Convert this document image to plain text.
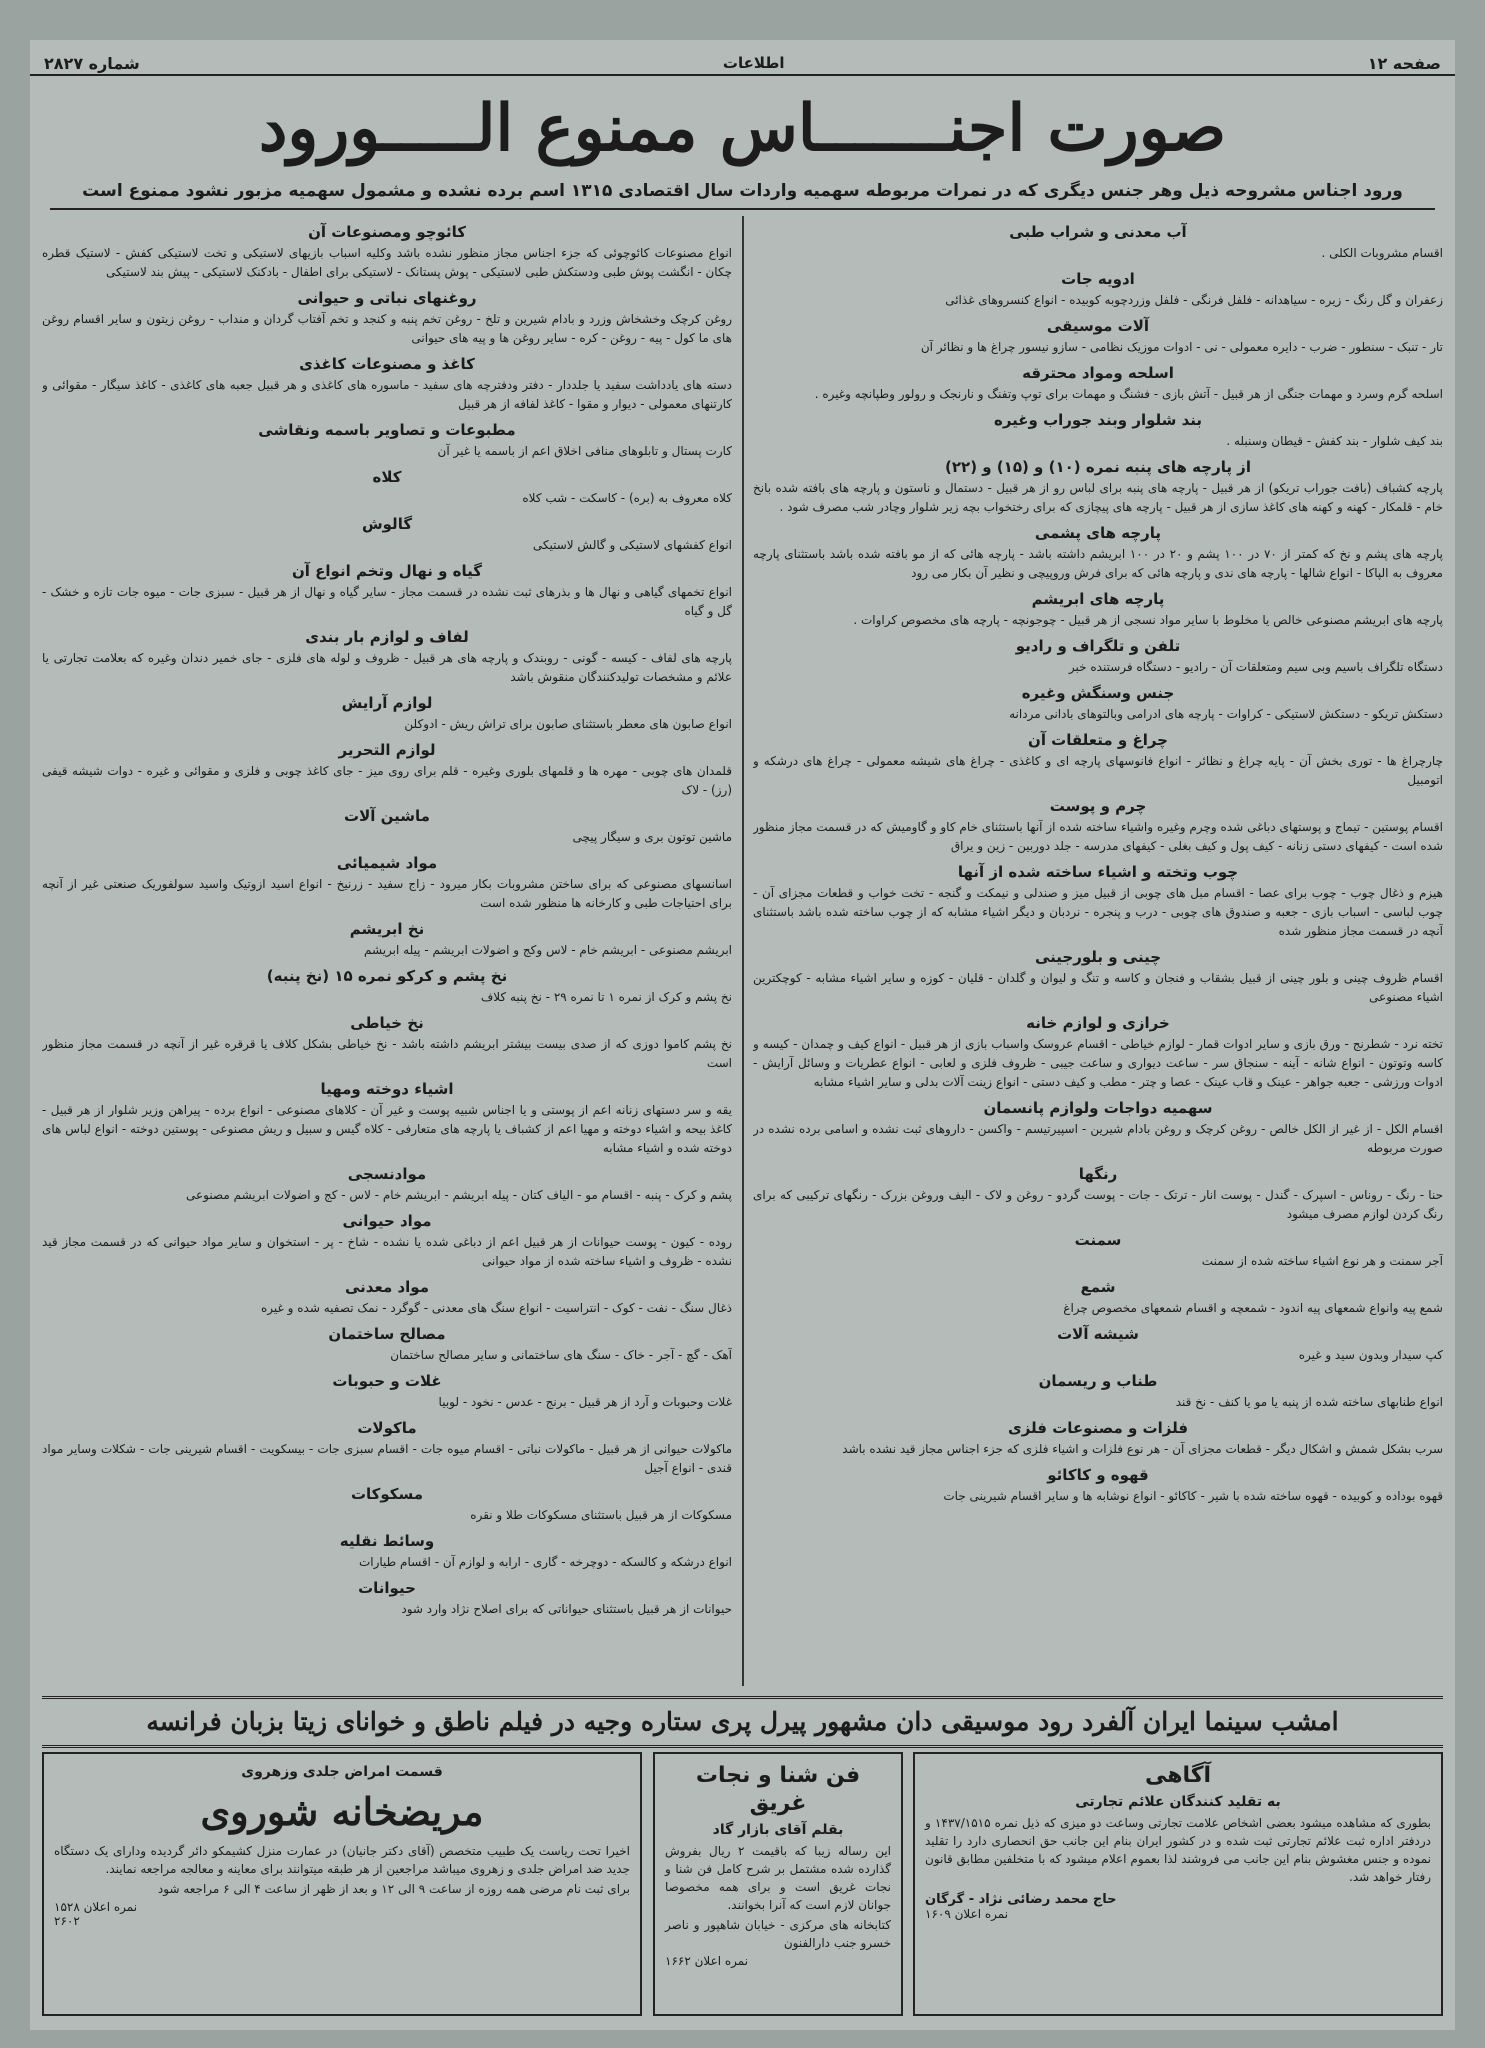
صفحه ۱۲
اطلاعات
شماره ۲۸۲۷
صورت اجنـــــــاس ممنوع الـــــورود
ورود اجناس مشروحه ذیل وهر جنس دیگری که در نمرات مربوطه سهمیه واردات سال اقتصادی ۱۳۱۵ اسم برده نشده و مشمول سهمیه مزبور نشود ممنوع است
آب معدنی و شراب طبی

اقسام مشروبات الکلی .

ادویه جات

زعفران و گل رنگ - زیره - سیاهدانه - فلفل فرنگی - فلفل وزردچوبه کوبیده - انواع کنسروهای غذائی

آلات موسیقی

تار - تنبک - سنطور - ضرب - دایره معمولی - نی - ادوات موزیک نظامی - سازو نیسور چراغ ها و نظائر آن

اسلحه ومواد محترقه

اسلحه گرم وسرد و مهمات جنگی از هر قبیل - آتش بازی - فشنگ و مهمات برای توپ وتفنگ و نارنجک و رولور وطپانچه وغیره .

بند شلوار وبند جوراب وغیره

بند کیف شلوار - بند کفش - قیطان وسنبله .

از پارچه های پنبه نمره (۱۰) و (۱۵) و (۲۲)

پارچه کشباف (بافت جوراب تریکو) از هر قبیل - پارچه های پنبه برای لباس رو از هر قبیل - دستمال و ناستون و پارچه های بافته شده بانخ خام - قلمکار - کهنه و کهنه های کاغذ سازی از هر قبیل - پارچه های پیچازی که برای رختخواب بچه زیر شلوار وچادر شب مصرف شود .

پارچه های پشمی

پارچه های پشم و نخ که کمتر از ۷۰ در ۱۰۰ پشم و ۲۰ در ۱۰۰ ابریشم داشته باشد - پارچه هائی که از مو بافته شده باشد باستثنای پارچه معروف به الپاکا - انواع شالها - پارچه های ندی و پارچه هائی که برای فرش وروپیچی و نظیر آن بکار می رود

پارچه های ابریشم

پارچه های ابریشم مصنوعی خالص یا مخلوط با سایر مواد نسجی از هر قبیل - چوجونچه - پارچه های مخصوص کراوات .

تلفن و تلگراف و رادیو

دستگاه تلگراف باسیم وبی سیم ومتعلقات آن - رادیو - دستگاه فرستنده خبر

جنس وسنگش وغیره

دستکش تریکو - دستکش لاستیکی - کراوات - پارچه های ادرامی وبالتوهای بادانی مردانه

چراغ و متعلقات آن

چارچراغ ها - توری بخش آن - پایه چراغ و نظائر - انواع فانوسهای پارچه ای و کاغذی - چراغ های شیشه معمولی - چراغ های درشکه و اتومبیل

چرم و پوست

اقسام پوستین - تیماج و پوستهای دباغی شده وچرم وغیره واشیاء ساخته شده از آنها باستثنای خام کاو و گاومیش که در قسمت مجاز منظور شده است - کیفهای دستی زنانه - کیف پول و کیف بغلی - کیفهای مدرسه - جلد دوربین - زین و یراق

چوب وتخته و اشیاء ساخته شده از آنها

هیزم و ذغال چوب - چوب برای عصا - اقسام مبل های چوبی از قبیل میز و صندلی و نیمکت و گنجه - تخت خواب و قطعات مجزای آن - چوب لباسی - اسباب بازی - جعبه و صندوق های چوبی - درب و پنجره - نردبان و دیگر اشیاء مشابه که از چوب ساخته شده باشد باستثنای آنچه در قسمت مجاز منظور شده

چینی و بلورجینی

اقسام ظروف چینی و بلور چینی از قبیل بشقاب و فنجان و کاسه و تنگ و لیوان و گلدان - قلیان - کوزه و سایر اشیاء مشابه - کوچکترین اشیاء مصنوعی

خرازی و لوازم خانه

تخته نرد - شطرنج - ورق بازی و سایر ادوات قمار - لوازم خیاطی - اقسام عروسک واسباب بازی از هر قبیل - انواع کیف و چمدان - کیسه و کاسه وتوتون - انواع شانه - آینه - سنجاق سر - ساعت دیواری و ساعت جیبی - ظروف فلزی و لعابی - انواع عطریات و وسائل آرایش - ادوات ورزشی - جعبه جواهر - عینک و قاب عینک - عصا و چتر - مطب و کیف دستی - انواع زینت آلات بدلی و سایر اشیاء مشابه

سهمیه دواجات ولوازم پانسمان

اقسام الکل - از غیر از الکل خالص - روغن کرچک و روغن بادام شیرین - اسپیرتیسم - واکسن - داروهای ثبت نشده و اسامی برده نشده در صورت مربوطه

رنگها

حنا - رنگ - روناس - اسپرک - گندل - پوست انار - ترتک - جات - پوست گردو - روغن و لاک - الیف وروغن بزرک - رنگهای ترکیبی که برای رنگ کردن لوازم مصرف میشود

سمنت

آجر سمنت و هر نوع اشیاء ساخته شده از سمنت

شمع

شمع پیه وانواع شمعهای پیه اندود - شمعچه و اقسام شمعهای مخصوص چراغ

شیشه آلات

کپ سیدار وبدون سید و غیره

طناب و ریسمان

انواع طنابهای ساخته شده از پنبه یا مو یا کنف - نخ قند

فلزات و مصنوعات فلزی

سرب بشکل شمش و اشکال دیگر - قطعات مجزای آن - هر نوع فلزات و اشیاء فلزی که جزء اجناس مجاز قید نشده باشد

قهوه و کاکائو

قهوه بوداده و کوبیده - قهوه ساخته شده با شیر - کاکائو - انواع نوشابه ها و سایر اقسام شیرینی جات

کائوچو ومصنوعات آن

انواع مصنوعات کائوچوئی که جزء اجناس مجاز منظور نشده باشد وکلیه اسباب بازیهای لاستیکی و تخت لاستیکی کفش - لاستیک قطره چکان - انگشت پوش طبی ودستکش طبی لاستیکی - پوش پستانک - لاستیکی برای اطفال - بادکنک لاستیکی - پیش بند لاستیکی

روغنهای نباتی و حیوانی

روغن کرچک وخشخاش وزرد و بادام شیرین و تلخ - روغن تخم پنبه و کنجد و تخم آفتاب گردان و منداب - روغن زیتون و سایر اقسام روغن های ما کول - پیه - روغن - کره - سایر روغن ها و پیه های حیوانی

کاغذ و مصنوعات کاغذی

دسته های یادداشت سفید یا جلددار - دفتر ودفترچه های سفید - ماسوره های کاغذی و هر قبیل جعبه های کاغذی - کاغذ سیگار - مقوائی و کارتنهای معمولی - دیوار و مقوا - کاغذ لفافه از هر قبیل

مطبوعات و تصاویر باسمه ونقاشی

کارت پستال و تابلوهای منافی اخلاق اعم از باسمه یا غیر آن

کلاه

کلاه معروف به (بره) - کاسکت - شب کلاه

گالوش

انواع کفشهای لاستیکی و گالش لاستیکی

گیاه و نهال وتخم انواع آن

انواع تخمهای گیاهی و نهال ها و بذرهای ثبت نشده در قسمت مجاز - سایر گیاه و نهال از هر قبیل - سبزی جات - میوه جات تازه و خشک - گل و گیاه

لفاف و لوازم بار بندی

پارچه های لفاف - کیسه - گونی - روبندک و پارچه های هر قبیل - ظروف و لوله های فلزی - جای خمیر دندان وغیره که بعلامت تجارتی یا علائم و مشخصات تولیدکنندگان منقوش باشد

لوازم آرایش

انواع صابون های معطر باستثنای صابون برای تراش ریش - ادوکلن

لوازم التحریر

قلمدان های چوبی - مهره ها و قلمهای بلوری وغیره - قلم برای روی میز - جای کاغذ چوبی و فلزی و مقوائی و غیره - دوات شیشه قیفی (رز) - لاک

ماشین آلات

ماشین توتون بری و سیگار پیچی

مواد شیمیائی

اسانسهای مصنوعی که برای ساختن مشروبات بکار میرود - زاج سفید - زرنیخ - انواع اسید ازوتیک واسید سولفوریک صنعتی غیر از آنچه برای احتیاجات طبی و کارخانه ها منظور شده است

نخ ابریشم

ابریشم مصنوعی - ابریشم خام - لاس وکج و اضولات ابریشم - پیله ابریشم

نخ پشم و کرکو نمره ۱۵ (نخ پنبه)

نخ پشم و کرک از نمره ۱ تا نمره ۲۹ - نخ پنبه کلاف

نخ خیاطی

نخ پشم کاموا دوزی که از صدی بیست بیشتر ابریشم داشته باشد - نخ خیاطی بشکل کلاف یا قرقره غیر از آنچه در قسمت مجاز منظور است

اشیاء دوخته ومهیا

یقه و سر دستهای زنانه اعم از پوستی و یا اجناس شبیه پوست و غیر آن - کلاهای مصنوعی - انواع برده - پیراهن وزیر شلوار از هر قبیل - کاغذ بیحه و اشیاء دوخته و مهیا اعم از کشباف یا پارچه های متعارفی - کلاه گیس و سبیل و ریش مصنوعی - پوستین دوخته - انواع لباس های دوخته شده و اشیاء مشابه

موادنسجی

پشم و کرک - پنبه - اقسام مو - الیاف کتان - پیله ابریشم - ابریشم خام - لاس - کج و اضولات ابریشم مصنوعی

مواد حیوانی

روده - کیون - پوست حیوانات از هر قبیل اعم از دباغی شده یا نشده - شاخ - پر - استخوان و سایر مواد حیوانی که در قسمت مجاز قید نشده - ظروف و اشیاء ساخته شده از مواد حیوانی

مواد معدنی

ذغال سنگ - نفت - کوک - انتراسیت - انواع سنگ های معدنی - گوگرد - نمک تصفیه شده و غیره

مصالح ساختمان

آهک - گچ - آجر - خاک - سنگ های ساختمانی و سایر مصالح ساختمان

غلات و حبوبات

غلات وحبوبات و آرد از هر قبیل - برنج - عدس - نخود - لوبیا

ماکولات

ماکولات حیوانی از هر قبیل - ماکولات نباتی - اقسام میوه جات - اقسام سبزی جات - بیسکویت - اقسام شیرینی جات - شکلات وسایر مواد قندی - انواع آجیل

مسکوکات

مسکوکات از هر قبیل باستثنای مسکوکات طلا و نقره

وسائط نقلیه

انواع درشکه و کالسکه - دوچرخه - گاری - ارابه و لوازم آن - اقسام طیارات

حیوانات

حیوانات از هر قبیل باستثنای حیواناتی که برای اصلاح نژاد وارد شود

امشب سینما ایران آلفرد رود موسیقی دان مشهور پیرل پری ستاره وجیه در فیلم ناطق و خوانای زیتا بزبان فرانسه
آگاهی
به تقلید کنندگان علائم تجارتی

بطوری که مشاهده میشود بعضی اشخاص علامت تجارتی وساعت دو میزی که ذیل نمره ۱۴۳۷/۱۵۱۵ و دردفتر اداره ثبت علائم تجارتی ثبت شده و در کشور ایران بنام این جانب حق انحصاری دارد را تقلید نموده و جنس مغشوش بنام این جانب می فروشند لذا بعموم اعلام میشود که با متخلفین مطابق قانون رفتار خواهد شد.

حاج محمد رضائی نژاد - گرگان
نمره اعلان ۱۶۰۹
فن شنا و نجات غریق
بقلم آقای بازار گاد

این رساله زیبا که باقیمت ۲ ریال بفروش گذارده شده مشتمل بر شرح کامل فن شنا و نجات غریق است و برای همه مخصوصا جوانان لازم است که آنرا بخوانند.

کتابخانه های مرکزی - خیابان شاهپور و ناصر خسرو جنب دارالفنون

نمره اعلان ۱۶۶۲
قسمت امراض جلدی وزهروی
مریضخانه شوروی

اخیرا تحت ریاست یک طبیب متخصص (آقای دکتر جانیان) در عمارت منزل کشیمکو دائر گردیده ودارای یک دستگاه جدید ضد امراض جلدی و زهروی میباشد مراجعین از هر طبقه میتوانند برای معاینه و معالجه مراجعه نمایند.

برای ثبت نام مرضی همه روزه از ساعت ۹ الی ۱۲ و بعد از ظهر از ساعت ۴ الی ۶ مراجعه شود

نمره اعلان ۱۵۲۸
۲۶۰۲
